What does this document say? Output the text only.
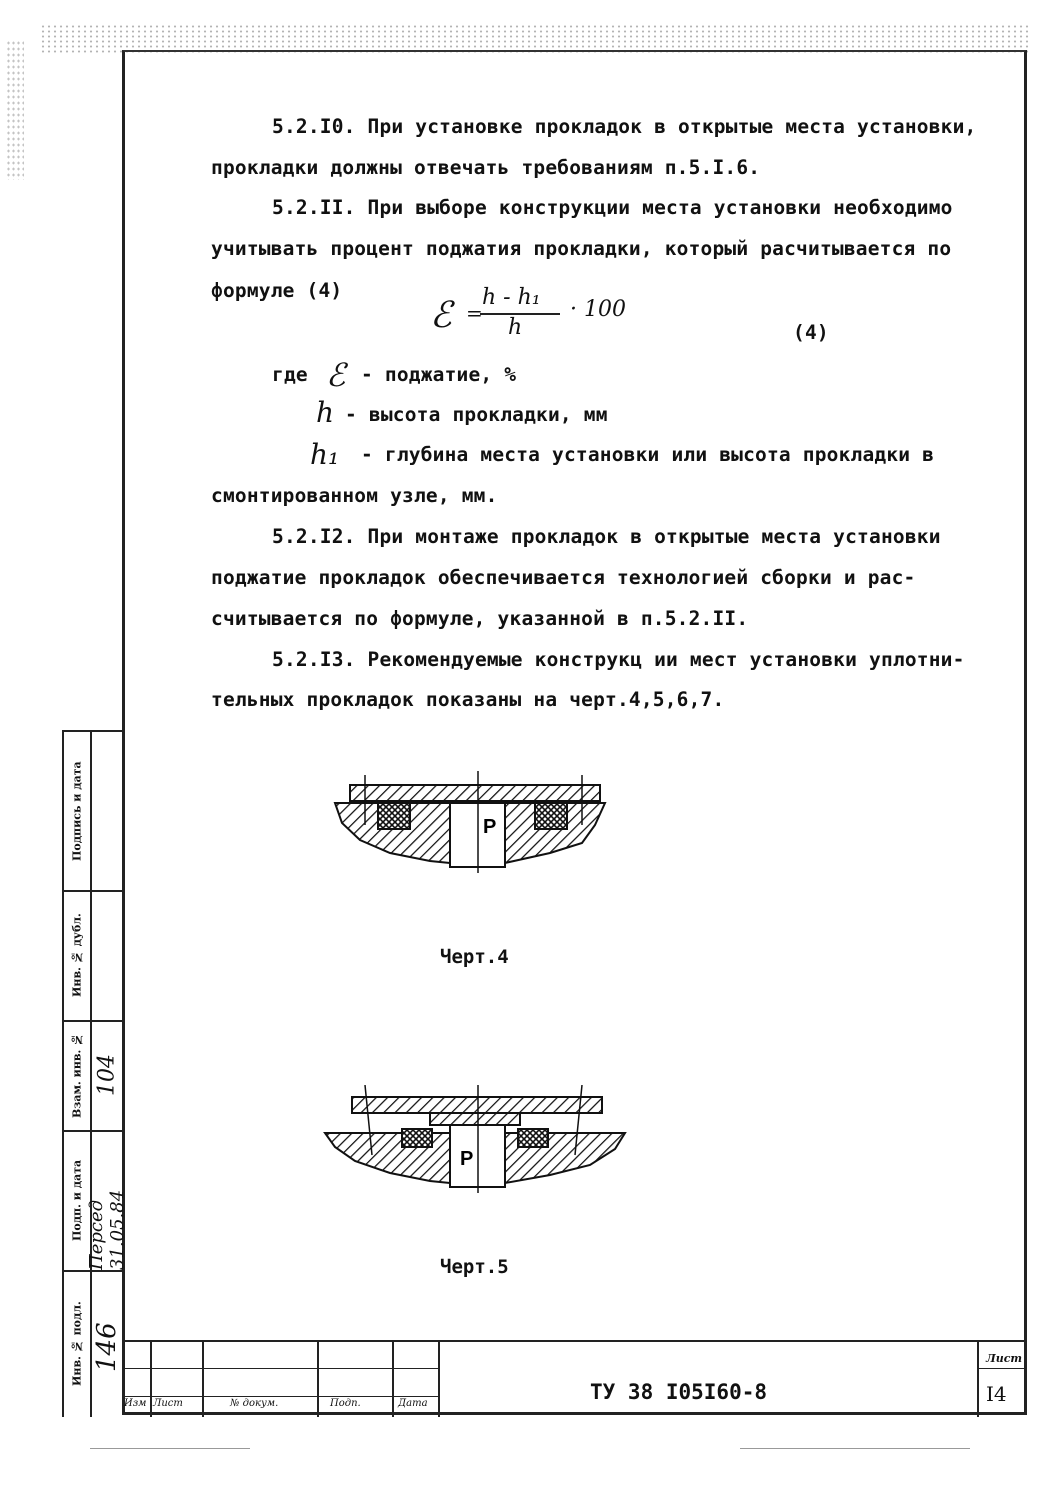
5.2.I0. При установке прокладок в открытые места установки,
прокладки должны отвечать требованиям п.5.I.6.
5.2.II. При выборе конструкции места установки необходимо
учитывать процент поджатия прокладки, который расчитывается по
формуле (4)
ℰ =
h - h₁
h
· 100
(4)
где ℰ - поджатие, %
h - высота прокладки, мм
h₁ - глубина места установки или высота прокладки в
смонтированном узле, мм.
5.2.I2. При монтаже прокладок в открытые места установки
поджатие прокладок обеспечивается технологией сборки и рас-
считывается по формуле, указанной в п.5.2.II.
5.2.I3. Рекомендуемые конструкц ии мест установки уплотни-
тельных прокладок показаны на черт.4,5,6,7.
P
Черт.4
P
Черт.5
Подпись и дата
Инв. № дубл.
Взам. инв. №
Подп. и дата
Инв. № подл.
104
Персед 31.05.84
146
Изм Лист	№ докум.	Подп.	Дата	ТУ 38 I05I60-8
Лист
I4
